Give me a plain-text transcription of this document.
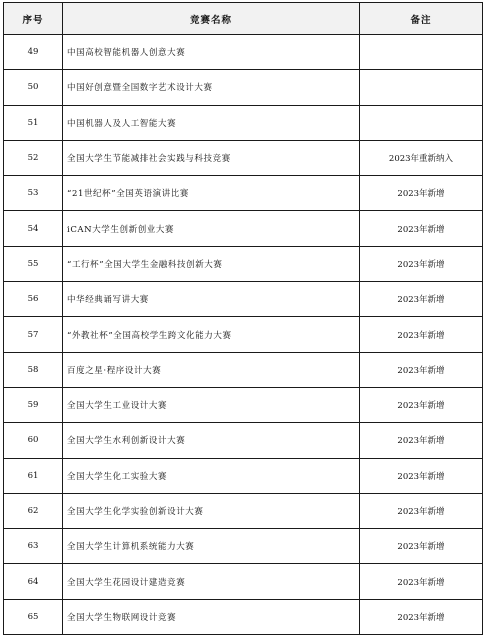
序号	竞赛名称	备注
49	中国高校智能机器人创意大赛	
50	中国好创意暨全国数字艺术设计大赛	
51	中国机器人及人工智能大赛	
52	全国大学生节能减排社会实践与科技竞赛	2023年重新纳入
53	“21世纪杯”全国英语演讲比赛	2023年新增
54	iCAN大学生创新创业大赛	2023年新增
55	“工行杯”全国大学生金融科技创新大赛	2023年新增
56	中华经典诵写讲大赛	2023年新增
57	“外教社杯”全国高校学生跨文化能力大赛	2023年新增
58	百度之星·程序设计大赛	2023年新增
59	全国大学生工业设计大赛	2023年新增
60	全国大学生水利创新设计大赛	2023年新增
61	全国大学生化工实验大赛	2023年新增
62	全国大学生化学实验创新设计大赛	2023年新增
63	全国大学生计算机系统能力大赛	2023年新增
64	全国大学生花园设计建造竞赛	2023年新增
65	全国大学生物联网设计竞赛	2023年新增
